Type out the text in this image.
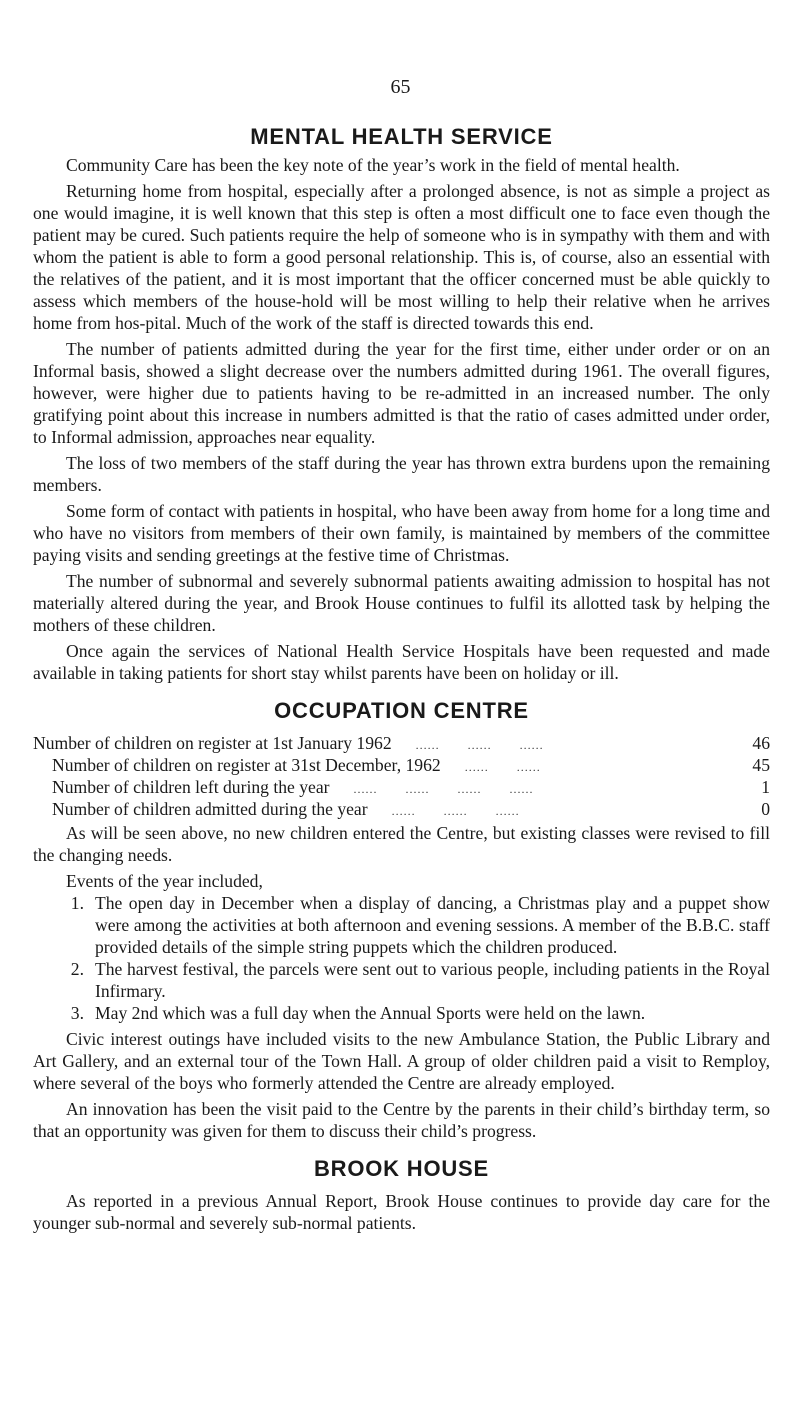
65
MENTAL HEALTH SERVICE

Community Care has been the key note of the year’s work in the field of mental health.

Returning home from hospital, especially after a prolonged absence, is not as simple a project as one would imagine, it is well known that this step is often a most difficult one to face even though the patient may be cured. Such patients require the help of someone who is in sympathy with them and with whom the patient is able to form a good personal relationship. This is, of course, also an essential with the relatives of the patient, and it is most important that the officer concerned must be able quickly to assess which members of the house-hold will be most willing to help their relative when he arrives home from hos-pital. Much of the work of the staff is directed towards this end.

The number of patients admitted during the year for the first time, either under order or on an Informal basis, showed a slight decrease over the numbers admitted during 1961. The overall figures, however, were higher due to patients having to be re-admitted in an increased number. The only gratifying point about this increase in numbers admitted is that the ratio of cases admitted under order, to Informal admission, approaches near equality.

The loss of two members of the staff during the year has thrown extra burdens upon the remaining members.

Some form of contact with patients in hospital, who have been away from home for a long time and who have no visitors from members of their own family, is maintained by members of the committee paying visits and sending greetings at the festive time of Christmas.

The number of subnormal and severely subnormal patients awaiting admission to hospital has not materially altered during the year, and Brook House continues to fulfil its allotted task by helping the mothers of these children.

Once again the services of National Health Service Hospitals have been requested and made available in taking patients for short stay whilst parents have been on holiday or ill.

OCCUPATION CENTRE
Number of children on register at 1st January 1962	......       ......       ......	46
Number of children on register at 31st December, 1962	......       ......	45
Number of children left during the year	......       ......       ......       ......	1
Number of children admitted during the year	......       ......       ......	0

As will be seen above, no new children entered the Centre, but existing classes were revised to fill the changing needs.

Events of the year included,

1. The open day in December when a display of dancing, a Christmas play and a puppet show were among the activities at both afternoon and evening sessions. A member of the B.B.C. staff provided details of the simple string puppets which the children produced.
2. The harvest festival, the parcels were sent out to various people, including patients in the Royal Infirmary.
3. May 2nd which was a full day when the Annual Sports were held on the lawn.

Civic interest outings have included visits to the new Ambulance Station, the Public Library and Art Gallery, and an external tour of the Town Hall. A group of older children paid a visit to Remploy, where several of the boys who formerly attended the Centre are already employed.

An innovation has been the visit paid to the Centre by the parents in their child’s birthday term, so that an opportunity was given for them to discuss their child’s progress.

BROOK HOUSE

As reported in a previous Annual Report, Brook House continues to provide day care for the younger sub-normal and severely sub-normal patients.
